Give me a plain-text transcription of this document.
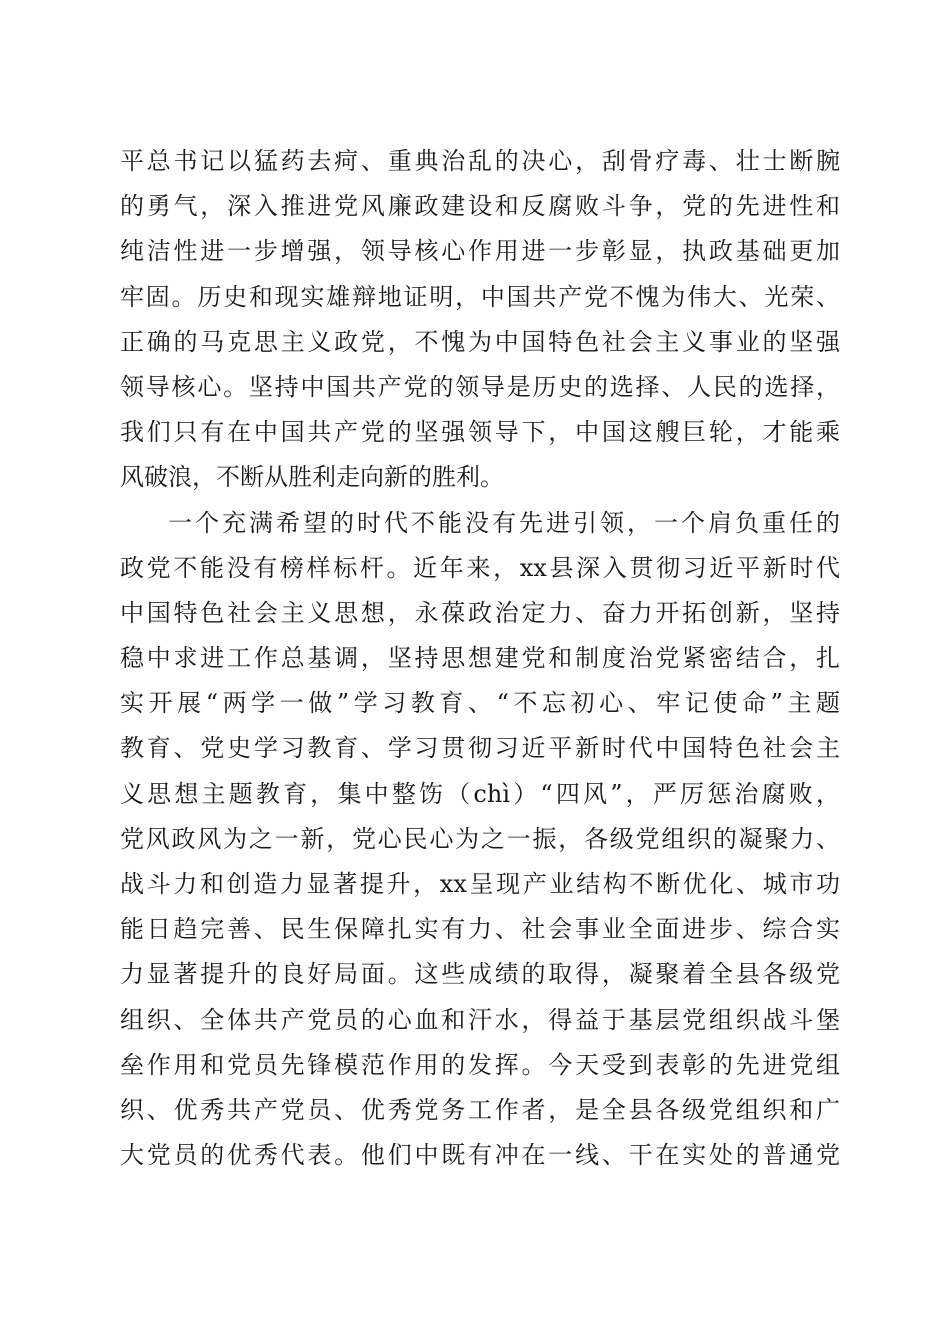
平总书记以猛药去疴、重典治乱的决心，刮骨疗毒、壮士断腕
的勇气，深入推进党风廉政建设和反腐败斗争，党的先进性和
纯洁性进一步增强，领导核心作用进一步彰显，执政基础更加
牢固。历史和现实雄辩地证明，中国共产党不愧为伟大、光荣、
正确的马克思主义政党，不愧为中国特色社会主义事业的坚强
领导核心。坚持中国共产党的领导是历史的选择、人民的选择，
我们只有在中国共产党的坚强领导下，中国这艘巨轮，才能乘
风破浪，不断从胜利走向新的胜利。
一个充满希望的时代不能没有先进引领，一个肩负重任的
政党不能没有榜样标杆。近年来，xx县深入贯彻习近平新时代
中国特色社会主义思想，永葆政治定力、奋力开拓创新，坚持
稳中求进工作总基调，坚持思想建党和制度治党紧密结合，扎
实开展“两学一做”学习教育、“不忘初心、牢记使命”主题
教育、党史学习教育、学习贯彻习近平新时代中国特色社会主
义思想主题教育，集中整饬（chì）“四风”，严厉惩治腐败，
党风政风为之一新，党心民心为之一振，各级党组织的凝聚力、
战斗力和创造力显著提升，xx呈现产业结构不断优化、城市功
能日趋完善、民生保障扎实有力、社会事业全面进步、综合实
力显著提升的良好局面。这些成绩的取得，凝聚着全县各级党
组织、全体共产党员的心血和汗水，得益于基层党组织战斗堡
垒作用和党员先锋模范作用的发挥。今天受到表彰的先进党组
织、优秀共产党员、优秀党务工作者，是全县各级党组织和广
大党员的优秀代表。他们中既有冲在一线、干在实处的普通党
